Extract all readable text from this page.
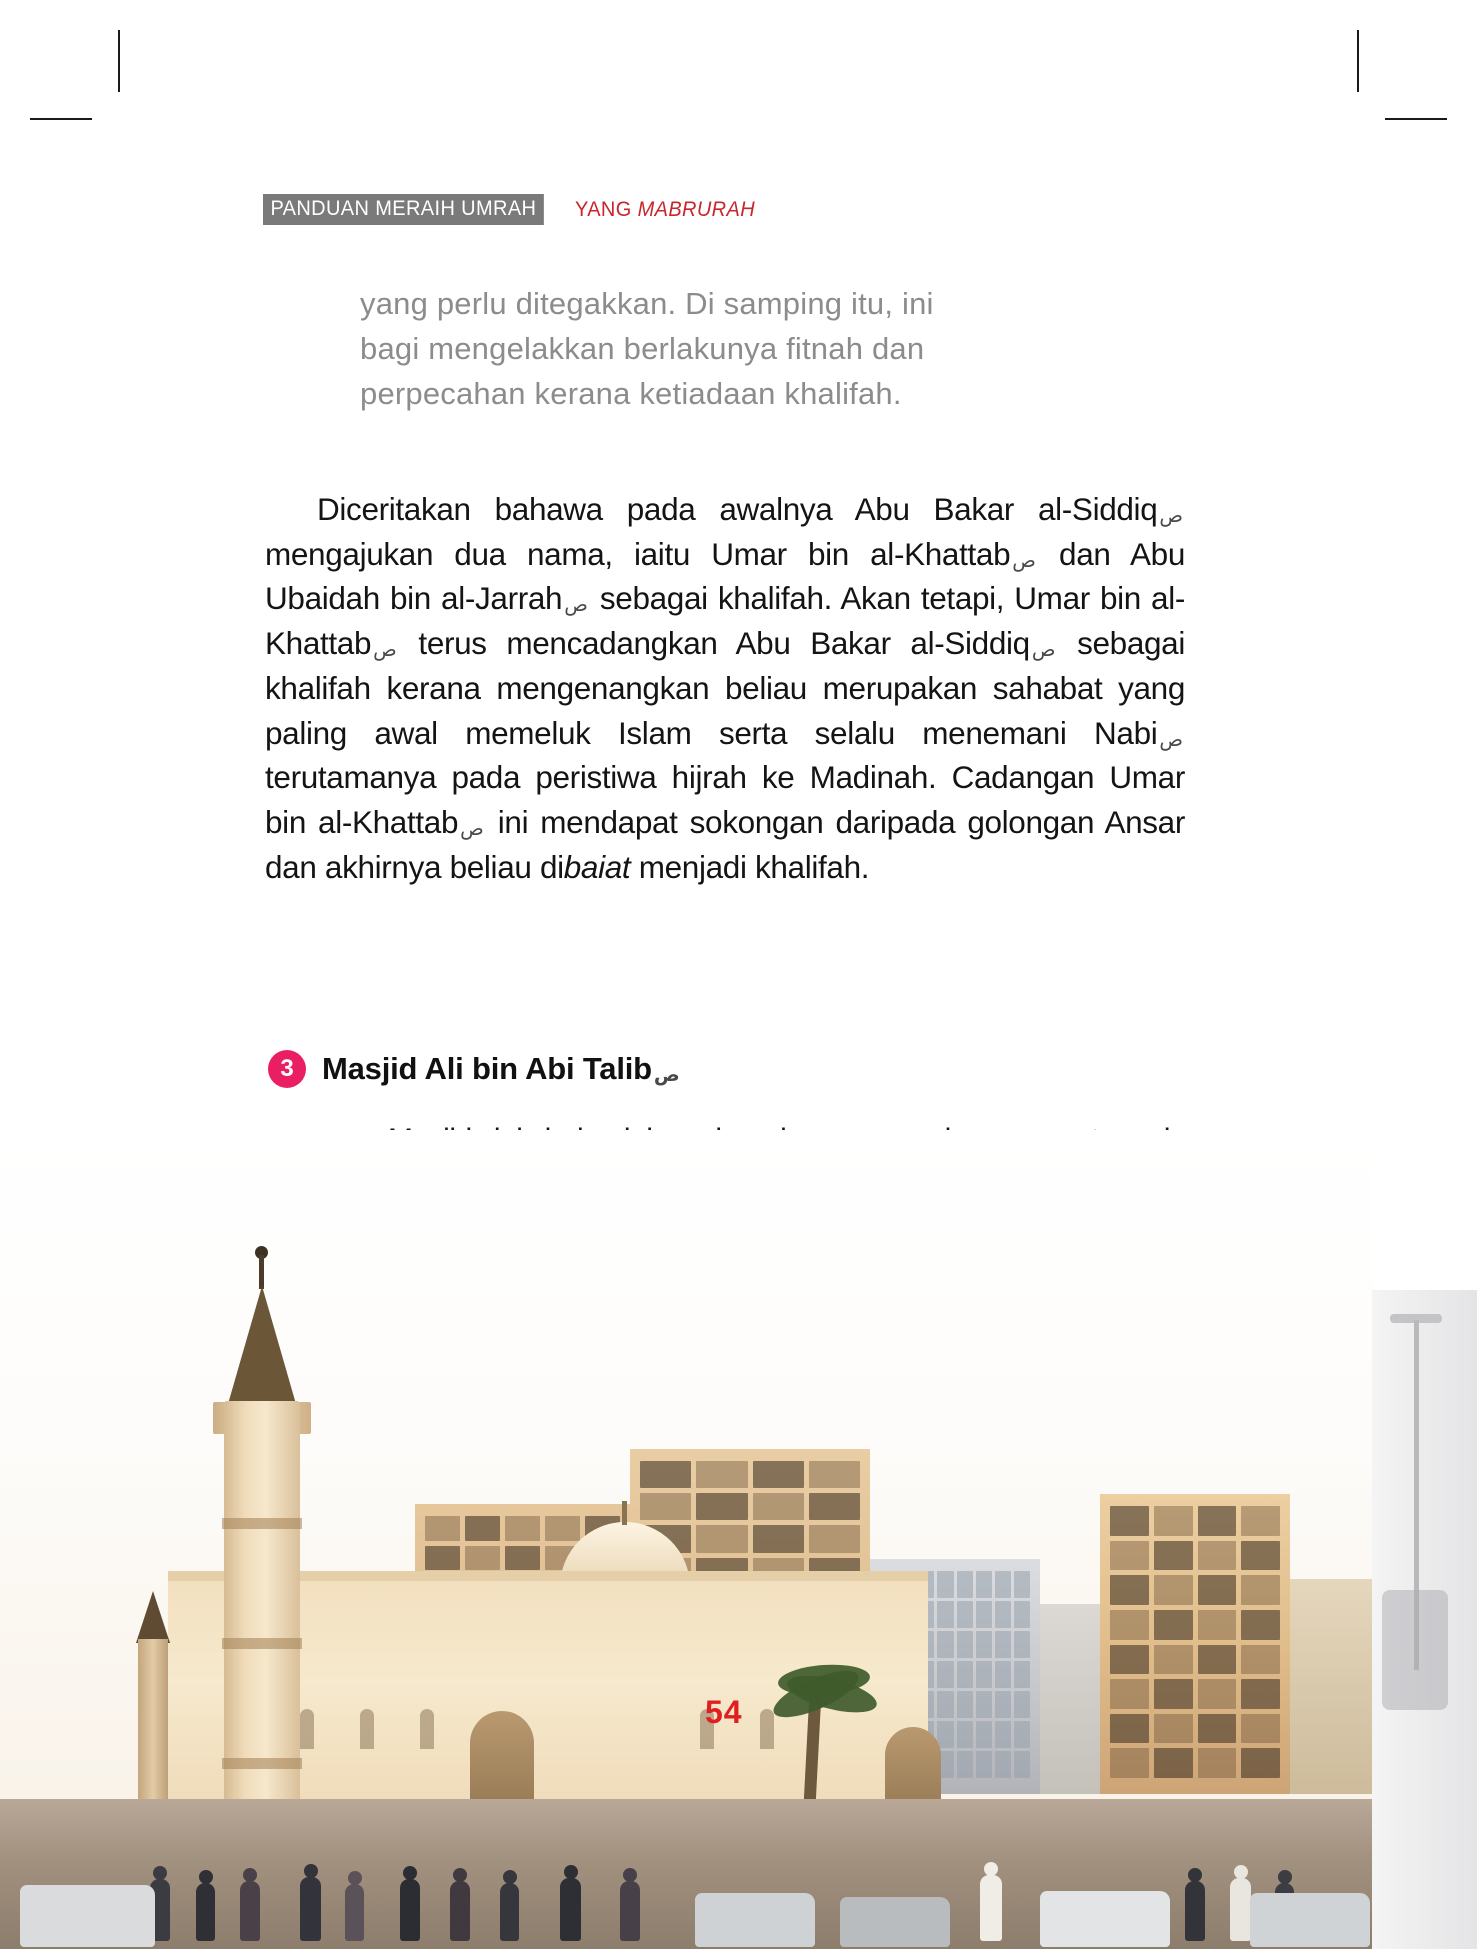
PANDUAN MERAIH UMRAH	YANG MABRURAH
yang perlu ditegakkan. Di samping itu, ini
bagi mengelakkan berlakunya fitnah dan
perpecahan kerana ketiadaan khalifah.

Diceritakan bahawa pada awalnya Abu Bakar al-Siddiq ص mengajukan dua nama, iaitu Umar bin al-Khattab ص dan Abu Ubaidah bin al-Jarrah ص sebagai khalifah. Akan tetapi, Umar bin al-Khattab ص terus mencadangkan Abu Bakar al-Siddiq ص sebagai khalifah kerana mengenangkan beliau merupakan sahabat yang paling awal memeluk Islam serta selalu menemani Nabi ص terutamanya pada peristiwa hijrah ke Madinah. Cadangan Umar bin al-Khattab ص ini mendapat sokongan daripada golongan Ansar dan akhirnya beliau dibaiat menjadi khalifah.

3 Masjid Ali bin Abi Talib ص

54
